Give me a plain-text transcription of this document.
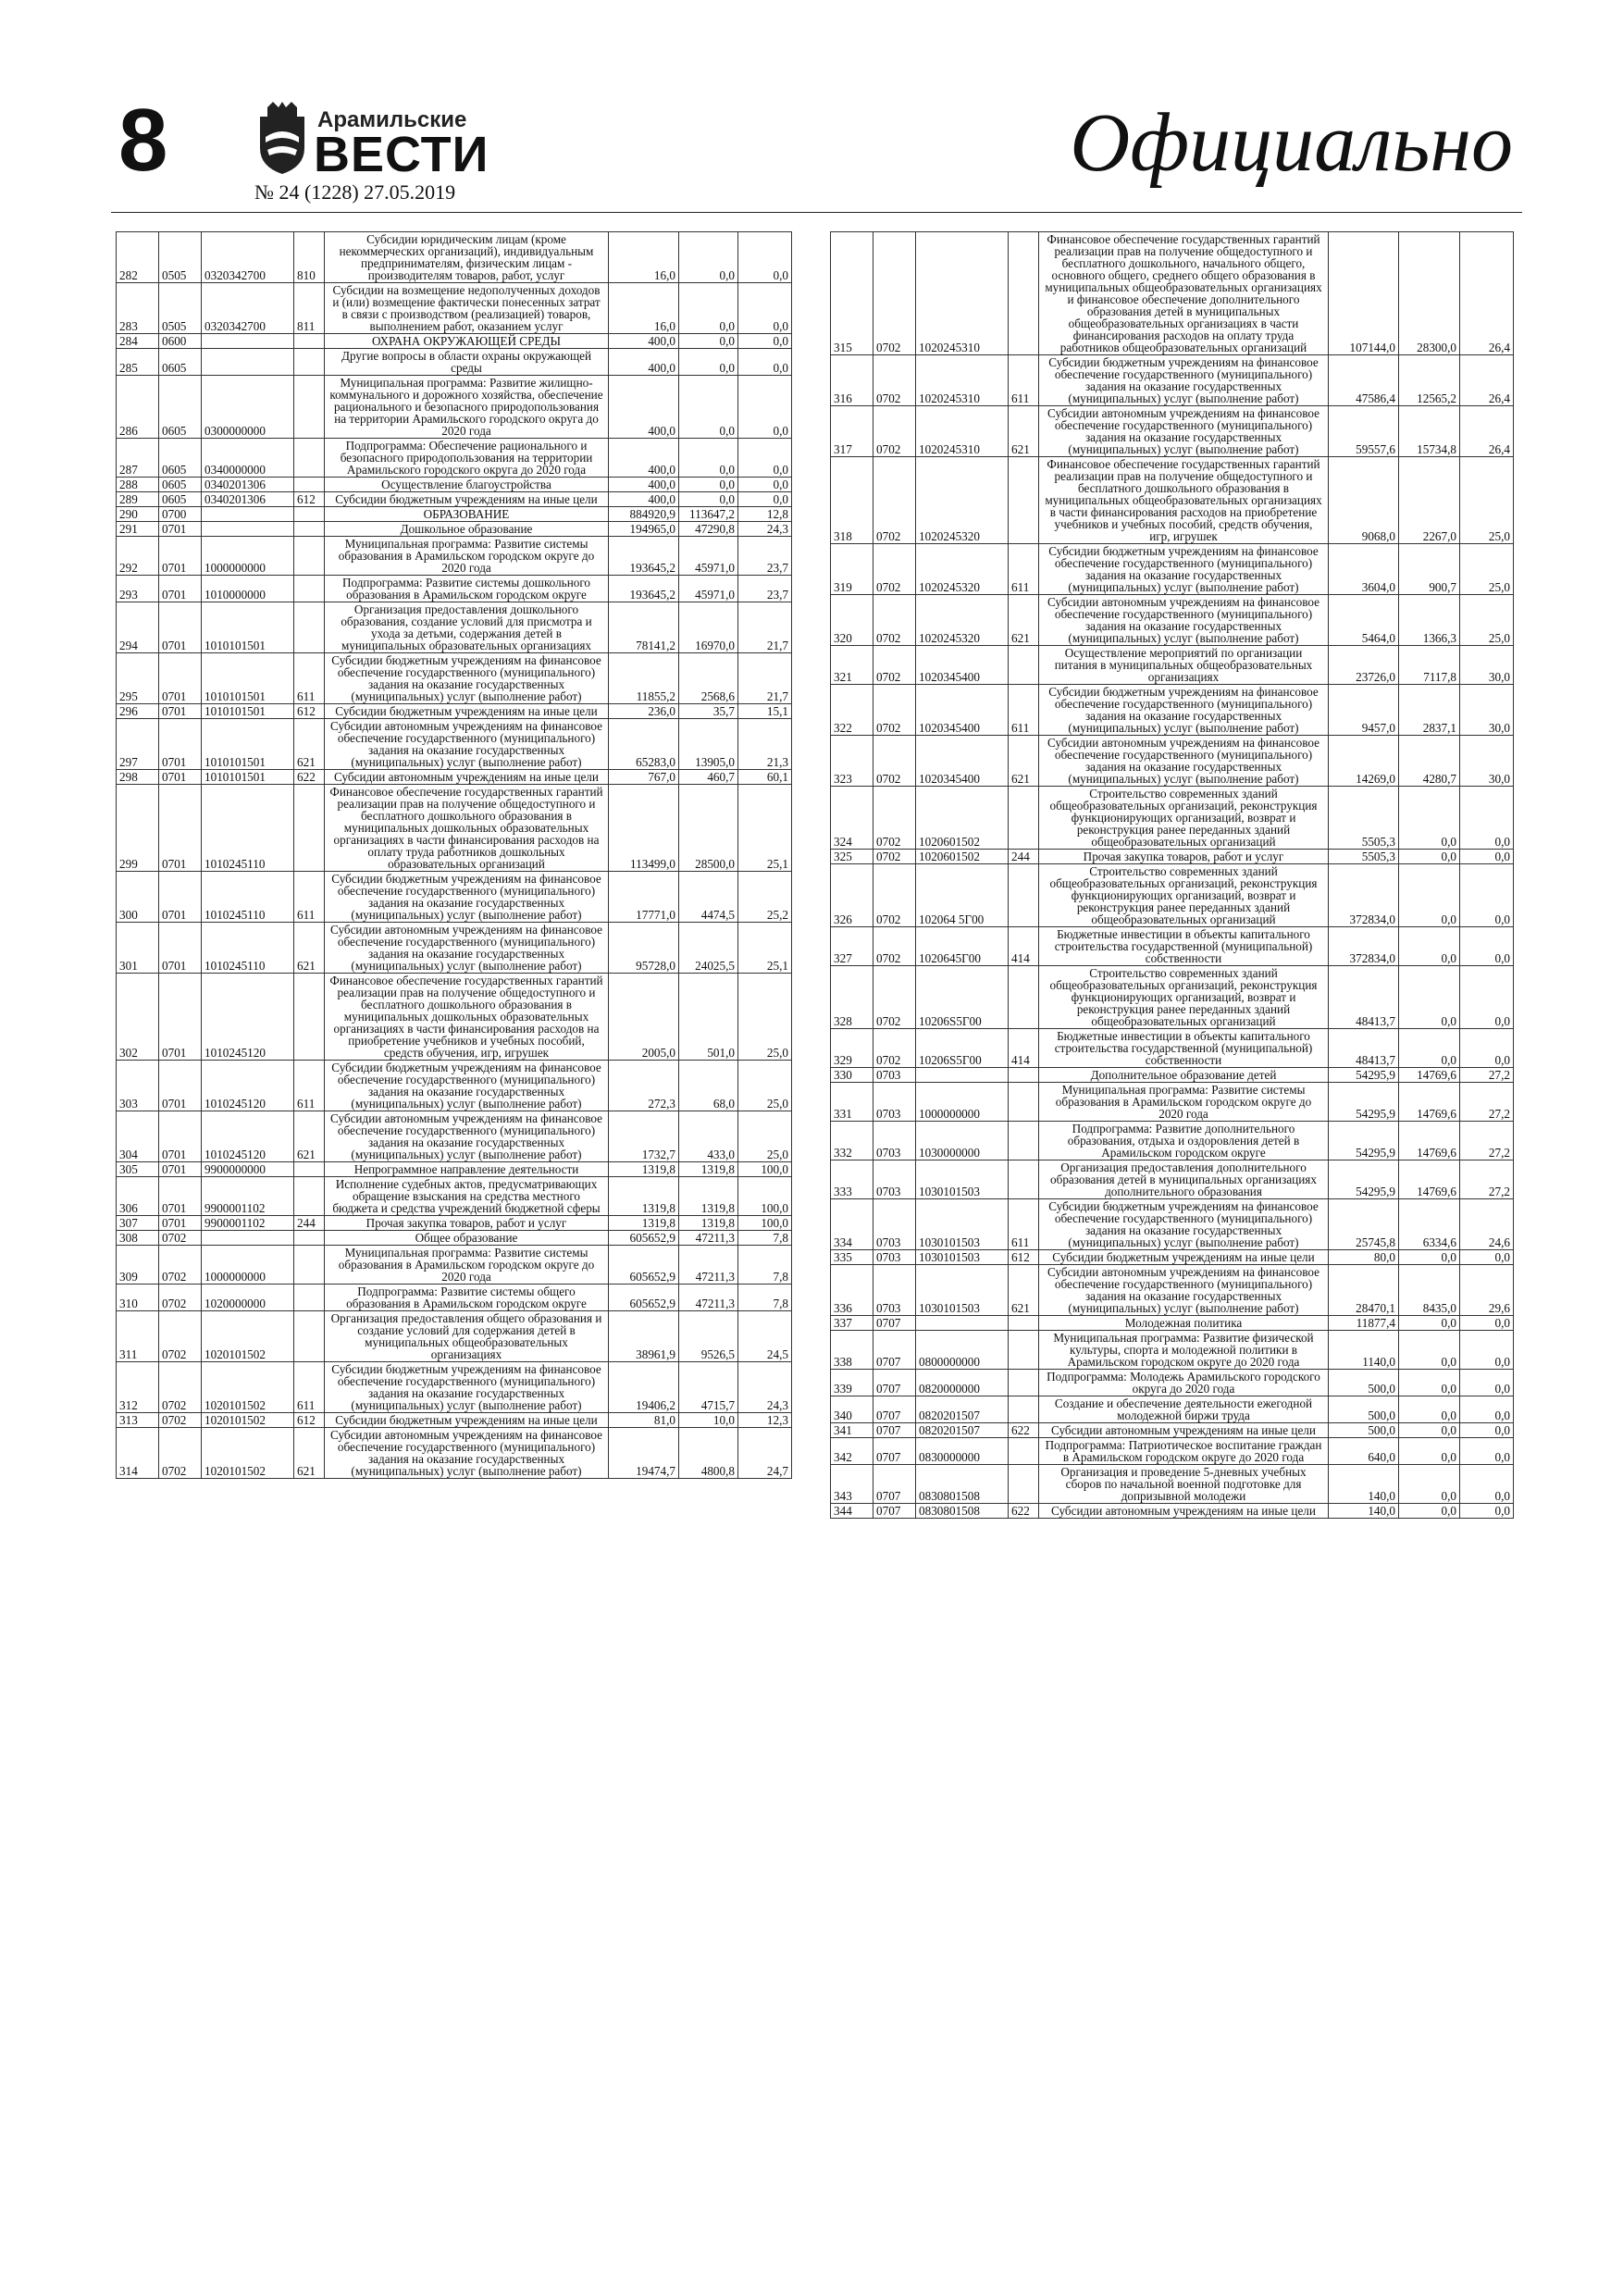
8	Арамильские
ВЕСТИ
№ 24 (1228) 27.05.2019
Официально
282	0505	0320342700	810	Субсидии юридическим лицам (кроме некоммерческих организаций), индивидуальным предпринимателям, физическим лицам - производителям товаров, работ, услуг	16,0	0,0	0,0
283	0505	0320342700	811	Субсидии на возмещение недополученных доходов и (или) возмещение фактически понесенных затрат в связи с производством (реализацией) товаров, выполнением работ, оказанием услуг	16,0	0,0	0,0
284	0600			ОХРАНА ОКРУЖАЮЩЕЙ СРЕДЫ	400,0	0,0	0,0
285	0605			Другие вопросы в области охраны окружающей среды	400,0	0,0	0,0
286	0605	0300000000		Муниципальная программа: Развитие жилищно-коммунального и дорожного хозяйства, обеспечение рационального и безопасного природопользования на территории Арамильского городского округа до 2020 года	400,0	0,0	0,0
287	0605	0340000000		Подпрограмма: Обеспечение рационального и безопасного природопользования на территории Арамильского городского округа до 2020 года	400,0	0,0	0,0
288	0605	0340201306		Осуществление благоустройства	400,0	0,0	0,0
289	0605	0340201306	612	Субсидии бюджетным учреждениям на иные цели	400,0	0,0	0,0
290	0700			ОБРАЗОВАНИЕ	884920,9	113647,2	12,8
291	0701			Дошкольное образование	194965,0	47290,8	24,3
292	0701	1000000000		Муниципальная программа: Развитие системы образования в Арамильском городском округе до 2020 года	193645,2	45971,0	23,7
293	0701	1010000000		Подпрограмма: Развитие системы дошкольного образования в Арамильском городском округе	193645,2	45971,0	23,7
294	0701	1010101501		Организация предоставления дошкольного образования, создание условий для присмотра и ухода за детьми, содержания детей в муниципальных образовательных организациях	78141,2	16970,0	21,7
295	0701	1010101501	611	Субсидии бюджетным учреждениям на финансовое обеспечение государственного (муниципального) задания на оказание государственных (муниципальных) услуг (выполнение работ)	11855,2	2568,6	21,7
296	0701	1010101501	612	Субсидии бюджетным учреждениям на иные цели	236,0	35,7	15,1
297	0701	1010101501	621	Субсидии автономным учреждениям на финансовое обеспечение государственного (муниципального) задания на оказание государственных (муниципальных) услуг (выполнение работ)	65283,0	13905,0	21,3
298	0701	1010101501	622	Субсидии автономным учреждениям на иные цели	767,0	460,7	60,1
299	0701	1010245110		Финансовое обеспечение государственных гарантий реализации прав на получение общедоступного и бесплатного дошкольного образования в муниципальных дошкольных образовательных организациях в части финансирования расходов на оплату труда работников дошкольных образовательных организаций	113499,0	28500,0	25,1
300	0701	1010245110	611	Субсидии бюджетным учреждениям на финансовое обеспечение государственного (муниципального) задания на оказание государственных (муниципальных) услуг (выполнение работ)	17771,0	4474,5	25,2
301	0701	1010245110	621	Субсидии автономным учреждениям на финансовое обеспечение государственного (муниципального) задания на оказание государственных (муниципальных) услуг (выполнение работ)	95728,0	24025,5	25,1
302	0701	1010245120		Финансовое обеспечение государственных гарантий реализации прав на получение общедоступного и бесплатного дошкольного образования в муниципальных дошкольных образовательных организациях в части финансирования расходов на приобретение учебников и учебных пособий, средств обучения, игр, игрушек	2005,0	501,0	25,0
303	0701	1010245120	611	Субсидии бюджетным учреждениям на финансовое обеспечение государственного (муниципального) задания на оказание государственных (муниципальных) услуг (выполнение работ)	272,3	68,0	25,0
304	0701	1010245120	621	Субсидии автономным учреждениям на финансовое обеспечение государственного (муниципального) задания на оказание государственных (муниципальных) услуг (выполнение работ)	1732,7	433,0	25,0
305	0701	9900000000		Непрограммное направление деятельности	1319,8	1319,8	100,0
306	0701	9900001102		Исполнение судебных актов, предусматривающих обращение взыскания на средства местного бюджета и средства учреждений бюджетной сферы	1319,8	1319,8	100,0
307	0701	9900001102	244	Прочая закупка товаров, работ и услуг	1319,8	1319,8	100,0
308	0702			Общее образование	605652,9	47211,3	7,8
309	0702	1000000000		Муниципальная программа: Развитие системы образования в Арамильском городском округе до 2020 года	605652,9	47211,3	7,8
310	0702	1020000000		Подпрограмма: Развитие системы общего образования в Арамильском городском округе	605652,9	47211,3	7,8
311	0702	1020101502		Организация предоставления общего образования и создание условий для содержания детей в муниципальных общеобразовательных организациях	38961,9	9526,5	24,5
312	0702	1020101502	611	Субсидии бюджетным учреждениям на финансовое обеспечение государственного (муниципального) задания на оказание государственных (муниципальных) услуг (выполнение работ)	19406,2	4715,7	24,3
313	0702	1020101502	612	Субсидии бюджетным учреждениям на иные цели	81,0	10,0	12,3
314	0702	1020101502	621	Субсидии автономным учреждениям на финансовое обеспечение государственного (муниципального) задания на оказание государственных (муниципальных) услуг (выполнение работ)	19474,7	4800,8	24,7
315	0702	1020245310		Финансовое обеспечение государственных гарантий реализации прав на получение общедоступного и бесплатного дошкольного, начального общего, основного общего, среднего общего образования в муниципальных общеобразовательных организациях и финансовое обеспечение дополнительного образования детей в муниципальных общеобразовательных организациях в части финансирования расходов на оплату труда работников общеобразовательных организаций	107144,0	28300,0	26,4
316	0702	1020245310	611	Субсидии бюджетным учреждениям на финансовое обеспечение государственного (муниципального) задания на оказание государственных (муниципальных) услуг (выполнение работ)	47586,4	12565,2	26,4
317	0702	1020245310	621	Субсидии автономным учреждениям на финансовое обеспечение государственного (муниципального) задания на оказание государственных (муниципальных) услуг (выполнение работ)	59557,6	15734,8	26,4
318	0702	1020245320		Финансовое обеспечение государственных гарантий реализации прав на получение общедоступного и бесплатного дошкольного образования в муниципальных общеобразовательных организациях в части финансирования расходов на приобретение учебников и учебных пособий, средств обучения, игр, игрушек	9068,0	2267,0	25,0
319	0702	1020245320	611	Субсидии бюджетным учреждениям на финансовое обеспечение государственного (муниципального) задания на оказание государственных (муниципальных) услуг (выполнение работ)	3604,0	900,7	25,0
320	0702	1020245320	621	Субсидии автономным учреждениям на финансовое обеспечение государственного (муниципального) задания на оказание государственных (муниципальных) услуг (выполнение работ)	5464,0	1366,3	25,0
321	0702	1020345400		Осуществление мероприятий по организации питания в муниципальных общеобразовательных организациях	23726,0	7117,8	30,0
322	0702	1020345400	611	Субсидии бюджетным учреждениям на финансовое обеспечение государственного (муниципального) задания на оказание государственных (муниципальных) услуг (выполнение работ)	9457,0	2837,1	30,0
323	0702	1020345400	621	Субсидии автономным учреждениям на финансовое обеспечение государственного (муниципального) задания на оказание государственных (муниципальных) услуг (выполнение работ)	14269,0	4280,7	30,0
324	0702	1020601502		Строительство современных зданий общеобразовательных организаций, реконструкция функционирующих организаций, возврат и реконструкция ранее переданных зданий общеобразовательных организаций	5505,3	0,0	0,0
325	0702	1020601502	244	Прочая закупка товаров, работ и услуг	5505,3	0,0	0,0
326	0702	102064 5Г00		Строительство современных зданий общеобразовательных организаций, реконструкция функционирующих организаций, возврат и реконструкция ранее переданных зданий общеобразовательных организаций	372834,0	0,0	0,0
327	0702	1020645Г00	414	Бюджетные инвестиции в объекты капитального строительства государственной (муниципальной) собственности	372834,0	0,0	0,0
328	0702	10206S5Г00		Строительство современных зданий общеобразовательных организаций, реконструкция функционирующих организаций, возврат и реконструкция ранее переданных зданий общеобразовательных организаций	48413,7	0,0	0,0
329	0702	10206S5Г00	414	Бюджетные инвестиции в объекты капитального строительства государственной (муниципальной) собственности	48413,7	0,0	0,0
330	0703			Дополнительное образование детей	54295,9	14769,6	27,2
331	0703	1000000000		Муниципальная программа: Развитие системы образования в Арамильском городском округе до 2020 года	54295,9	14769,6	27,2
332	0703	1030000000		Подпрограмма: Развитие дополнительного образования, отдыха и оздоровления детей в Арамильском городском округе	54295,9	14769,6	27,2
333	0703	1030101503		Организация предоставления дополнительного образования детей в муниципальных организациях дополнительного образования	54295,9	14769,6	27,2
334	0703	1030101503	611	Субсидии бюджетным учреждениям на финансовое обеспечение государственного (муниципального) задания на оказание государственных (муниципальных) услуг (выполнение работ)	25745,8	6334,6	24,6
335	0703	1030101503	612	Субсидии бюджетным учреждениям на иные цели	80,0	0,0	0,0
336	0703	1030101503	621	Субсидии автономным учреждениям на финансовое обеспечение государственного (муниципального) задания на оказание государственных (муниципальных) услуг (выполнение работ)	28470,1	8435,0	29,6
337	0707			Молодежная политика	11877,4	0,0	0,0
338	0707	0800000000		Муниципальная программа: Развитие физической культуры, спорта и молодежной политики в Арамильском городском округе до 2020 года	1140,0	0,0	0,0
339	0707	0820000000		Подпрограмма: Молодежь Арамильского городского округа до 2020 года	500,0	0,0	0,0
340	0707	0820201507		Создание и обеспечение деятельности ежегодной молодежной биржи труда	500,0	0,0	0,0
341	0707	0820201507	622	Субсидии автономным учреждениям на иные цели	500,0	0,0	0,0
342	0707	0830000000		Подпрограмма: Патриотическое воспитание граждан в Арамильском городском округе до 2020 года	640,0	0,0	0,0
343	0707	0830801508		Организация и проведение 5-дневных учебных сборов по начальной военной подготовке для допризывной молодежи	140,0	0,0	0,0
344	0707	0830801508	622	Субсидии автономным учреждениям на иные цели	140,0	0,0	0,0
